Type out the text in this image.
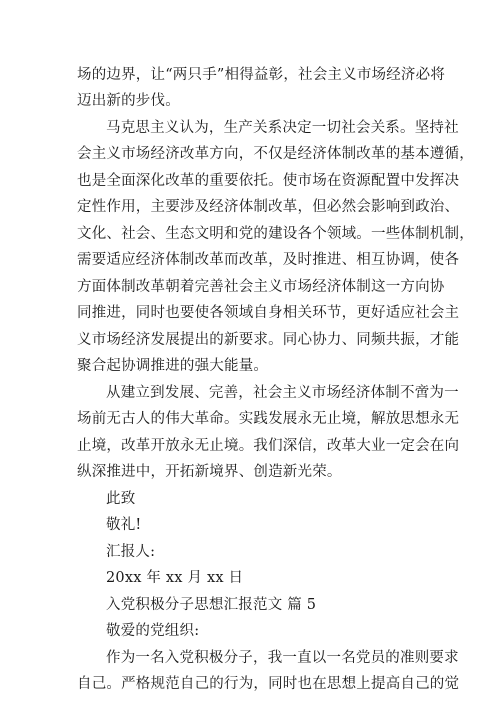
场的边界，让“两只手”相得益彰，社会主义市场经济必将
迈出新的步伐。
马克思主义认为，生产关系决定一切社会关系。坚持社
会主义市场经济改革方向，不仅是经济体制改革的基本遵循，
也是全面深化改革的重要依托。使市场在资源配置中发挥决
定性作用，主要涉及经济体制改革，但必然会影响到政治、
文化、社会、生态文明和党的建设各个领域。一些体制机制，
需要适应经济体制改革而改革，及时推进、相互协调，使各
方面体制改革朝着完善社会主义市场经济体制这一方向协
同推进，同时也要使各领域自身相关环节，更好适应社会主
义市场经济发展提出的新要求。同心协力、同频共振，才能
聚合起协调推进的强大能量。
从建立到发展、完善，社会主义市场经济体制不啻为一
场前无古人的伟大革命。实践发展永无止境，解放思想永无
止境，改革开放永无止境。我们深信，改革大业一定会在向
纵深推进中，开拓新境界、创造新光荣。
此致
敬礼!
汇报人:
20xx 年 xx 月 xx 日
入党积极分子思想汇报范文 篇 5
敬爱的党组织:
作为一名入党积极分子，我一直以一名党员的准则要求
自己。严格规范自己的行为，同时也在思想上提高自己的觉
